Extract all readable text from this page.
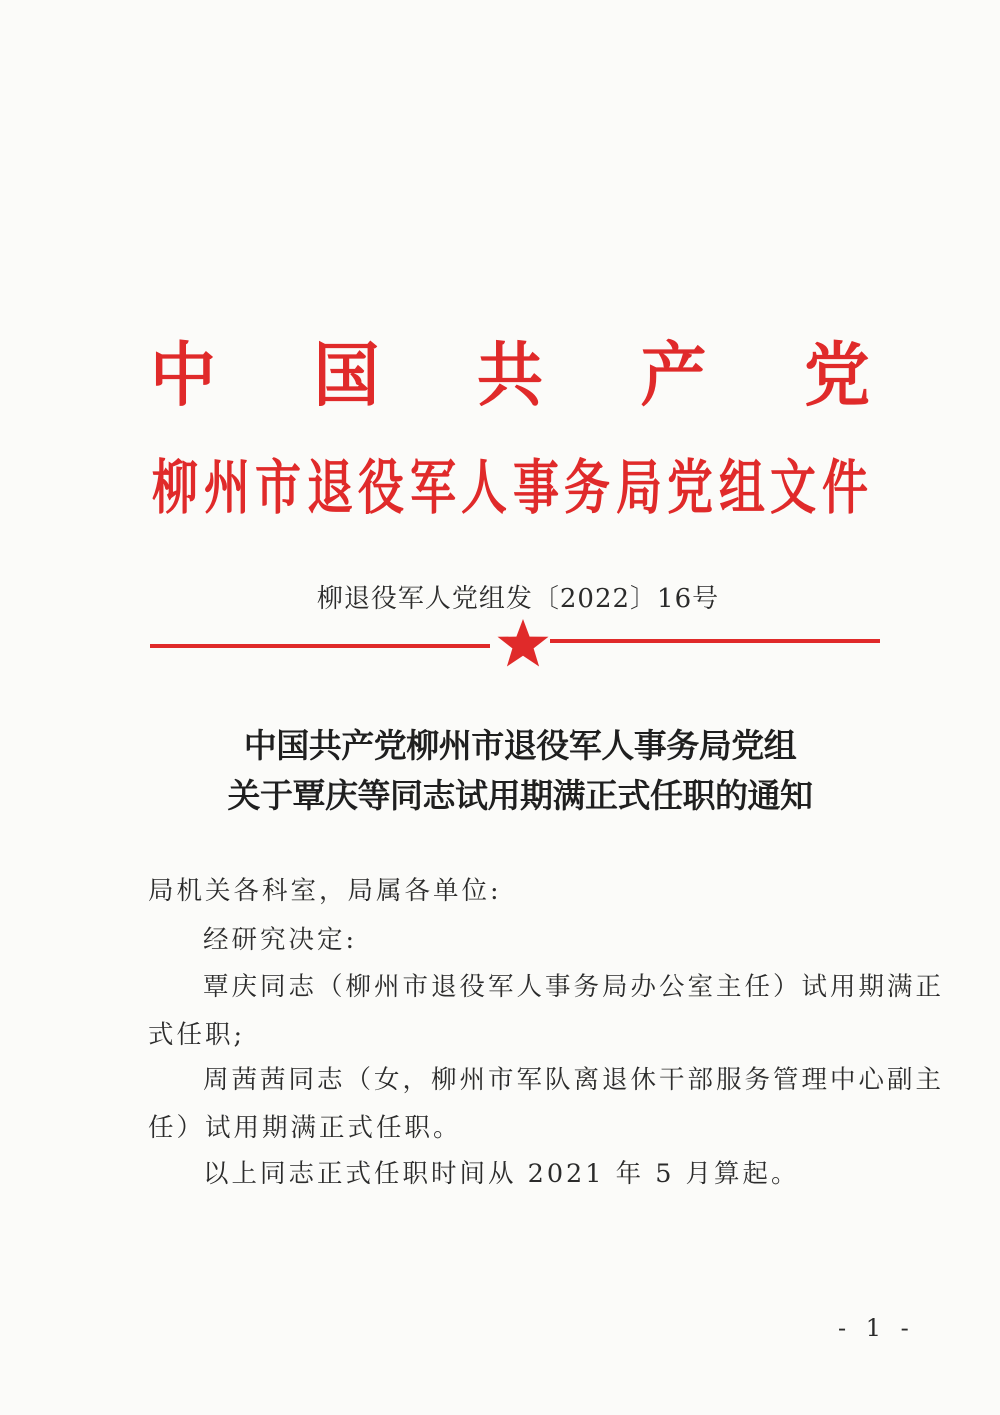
中 国 共 产 党
柳 州 市 退 役 军 人 事 务 局 党 组 文 件
柳退役军人党组发〔2022〕16号
中国共产党柳州市退役军人事务局党组
关于覃庆等同志试用期满正式任职的通知
局机关各科室，局属各单位:
经研究决定:
覃庆同志（柳州市退役军人事务局办公室主任）试用期满正
式任职;
周茜茜同志（女，柳州市军队离退休干部服务管理中心副主
任）试用期满正式任职。
以上同志正式任职时间从 2021 年 5 月算起。
- 1 -
